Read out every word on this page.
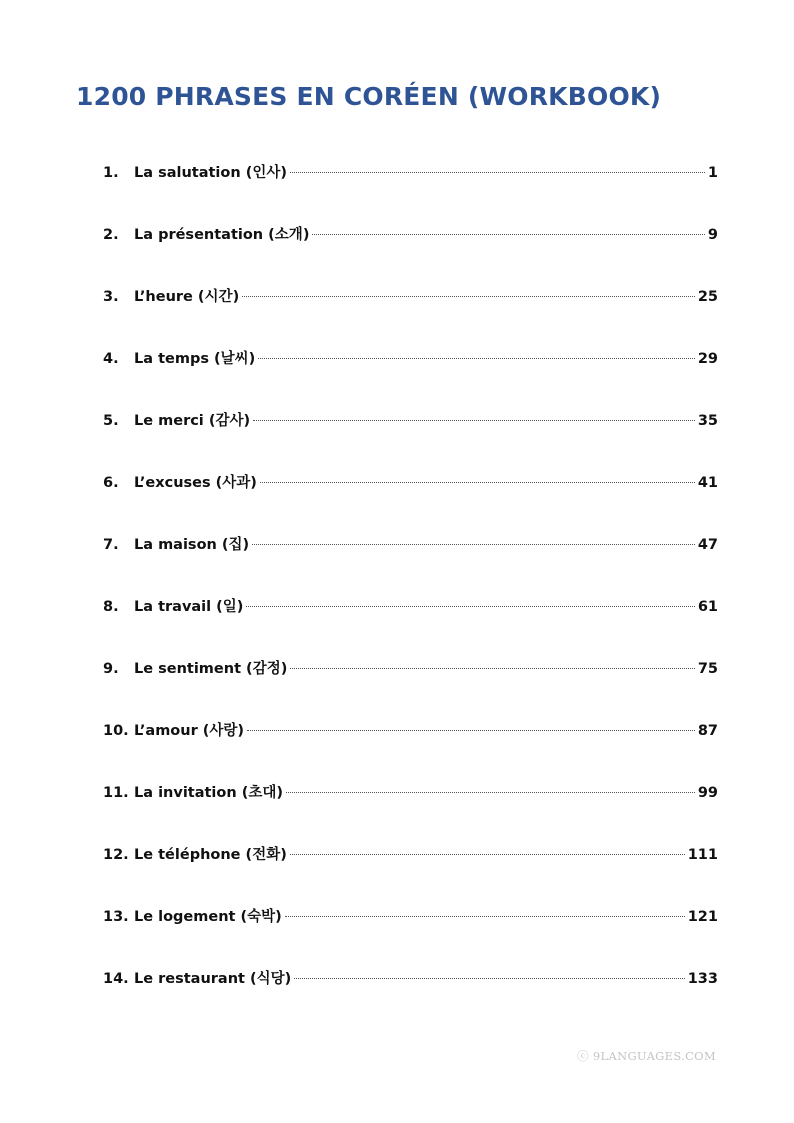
1200 PHRASES EN CORÉEN (WORKBOOK)
1.	La salutation (인사)	1
2.	La présentation (소개)	9
3.	L’heure (시간)	25
4.	La temps (날씨)	29
5.	Le merci (감사)	35
6.	L’excuses (사과)	41
7.	La maison (집)	47
8.	La travail (일)	61
9.	Le sentiment (감정)	75
10. L’amour (사랑)	87
11. La invitation (초대)	99
12. Le téléphone (전화)	111
13. Le logement (숙박)	121
14. Le restaurant (식당)	133
ⓒ 9LANGUAGES.COM
